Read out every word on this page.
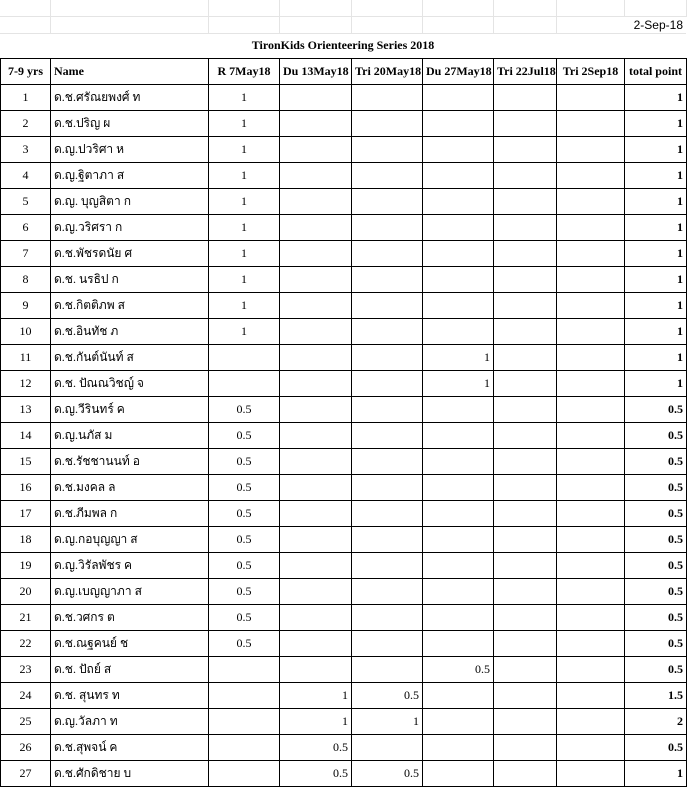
							2-Sep-18	
TironKids Orienteering Series 2018
7-9 yrs	Name	R 7May18	Du 13May18	Tri 20May18	Du 27May18	Tri 22Jul18	Tri 2Sep18	total point
1	ด.ช.ศรัณยพงศ์ ท	1						1
2	ด.ช.ปริญ ผ	1						1
3	ด.ญ.ปวริศา ห	1						1
4	ด.ญ.ฐิตาภา ส	1						1
5	ด.ญ. บุญสิตา ก	1						1
6	ด.ญ.วริศรา ก	1						1
7	ด.ช.พัชรดนัย ศ	1						1
8	ด.ช. นรธิป ก	1						1
9	ด.ช.กิตติภพ ส	1						1
10	ด.ช.อินทัช ภ	1						1
11	ด.ช.กันต์นันท์ ส				1			1
12	ด.ช. ปัณณวิชญ์ จ				1			1
13	ด.ญ.วีรินทร์ ค	0.5						0.5
14	ด.ญ.นภัส ม	0.5						0.5
15	ด.ช.รัชชานนท์ อ	0.5						0.5
16	ด.ช.มงคล ล	0.5						0.5
17	ด.ช.ภีมพล ก	0.5						0.5
18	ด.ญ.กอบุญญา ส	0.5						0.5
19	ด.ญ.วิรัลพัชร ค	0.5						0.5
20	ด.ญ.เบญญาภา ส	0.5						0.5
21	ด.ช.วศกร ต	0.5						0.5
22	ด.ช.ณฐคนย์ ช	0.5						0.5
23	ด.ช. ปัถย์ ส				0.5			0.5
24	ด.ช. สุนทร ท		1	0.5				1.5
25	ด.ญ.วัลภา ท		1	1				2
26	ด.ช.สุพจน์ ค		0.5					0.5
27	ด.ช.ศักดิชาย บ		0.5	0.5				1
